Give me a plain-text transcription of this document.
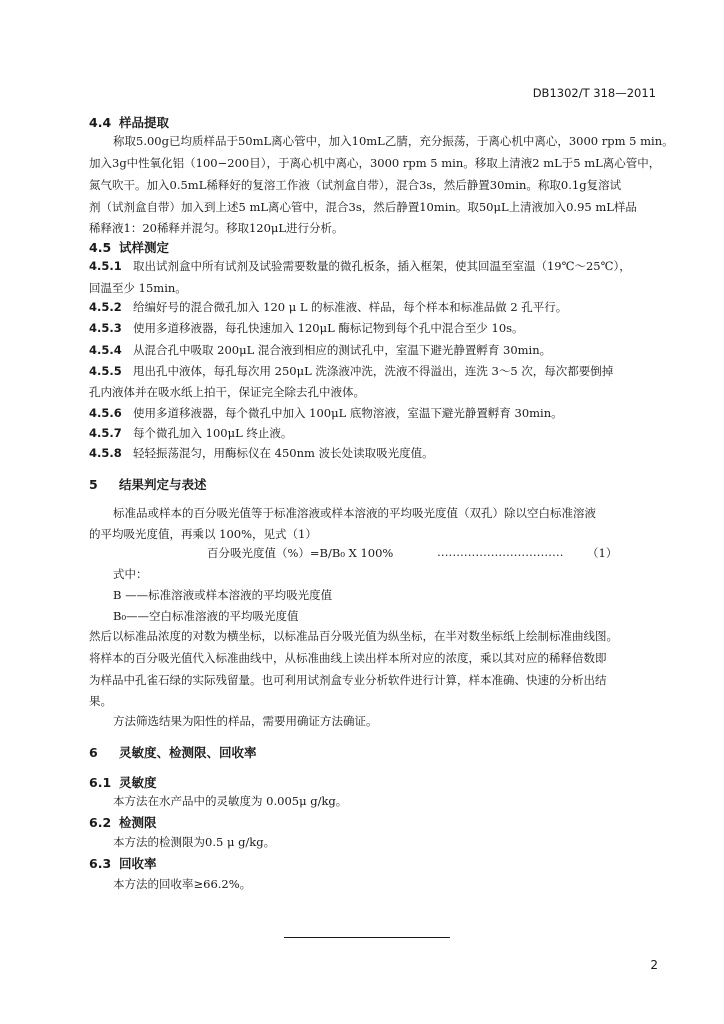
DB1302/T 318—2011
4.4 样品提取
称取5.00g已均质样品于50mL离心管中，加入10mL乙腈，充分振荡，于离心机中离心，3000 rpm 5 min。
加入3g中性氧化铝（100−200目），于离心机中离心，3000 rpm 5 min。移取上清液2 mL于5 mL离心管中，
氮气吹干。加入0.5mL稀释好的复溶工作液（试剂盒自带），混合3s，然后静置30min。称取0.1g复溶试
剂（试剂盒自带）加入到上述5 mL离心管中，混合3s，然后静置10min。取50μL上清液加入0.95 mL样品
稀释液1：20稀释并混匀。移取120μL进行分析。
4.5 试样测定
4.5.1 取出试剂盒中所有试剂及试验需要数量的微孔板条，插入框架，使其回温至室温（19℃～25℃），
回温至少 15min。
4.5.2 给编好号的混合微孔加入 120 μ L 的标准液、样品，每个样本和标准品做 2 孔平行。
4.5.3 使用多道移液器，每孔快速加入 120μL 酶标记物到每个孔中混合至少 10s。
4.5.4 从混合孔中吸取 200μL 混合液到相应的测试孔中，室温下避光静置孵育 30min。
4.5.5 甩出孔中液体，每孔每次用 250μL 洗涤液冲洗，洗液不得溢出，连洗 3～5 次，每次都要倒掉
孔内液体并在吸水纸上拍干，保证完全除去孔中液体。
4.5.6 使用多道移液器，每个微孔中加入 100μL 底物溶液，室温下避光静置孵育 30min。
4.5.7 每个微孔加入 100μL 终止液。
4.5.8 轻轻振荡混匀，用酶标仪在 450nm 波长处读取吸光度值。
5 结果判定与表述
标准品或样本的百分吸光值等于标准溶液或样本溶液的平均吸光度值（双孔）除以空白标准溶液
的平均吸光度值，再乘以 100%，见式（1）
百分吸光度值（%）=B/B₀ X 100%	…………………………… （1）
式中：
B ——标准溶液或样本溶液的平均吸光度值
B₀——空白标准溶液的平均吸光度值
然后以标准品浓度的对数为横坐标，以标准品百分吸光值为纵坐标，在半对数坐标纸上绘制标准曲线图。
将样本的百分吸光值代入标准曲线中，从标准曲线上读出样本所对应的浓度，乘以其对应的稀释倍数即
为样品中孔雀石绿的实际残留量。也可利用试剂盒专业分析软件进行计算，样本准确、快速的分析出结
果。
方法筛选结果为阳性的样品，需要用确证方法确证。
6 灵敏度、检测限、回收率
6.1 灵敏度
本方法在水产品中的灵敏度为 0.005μ g/kg。
6.2 检测限
本方法的检测限为0.5 μ g/kg。
6.3 回收率
本方法的回收率≥66.2%。
2
